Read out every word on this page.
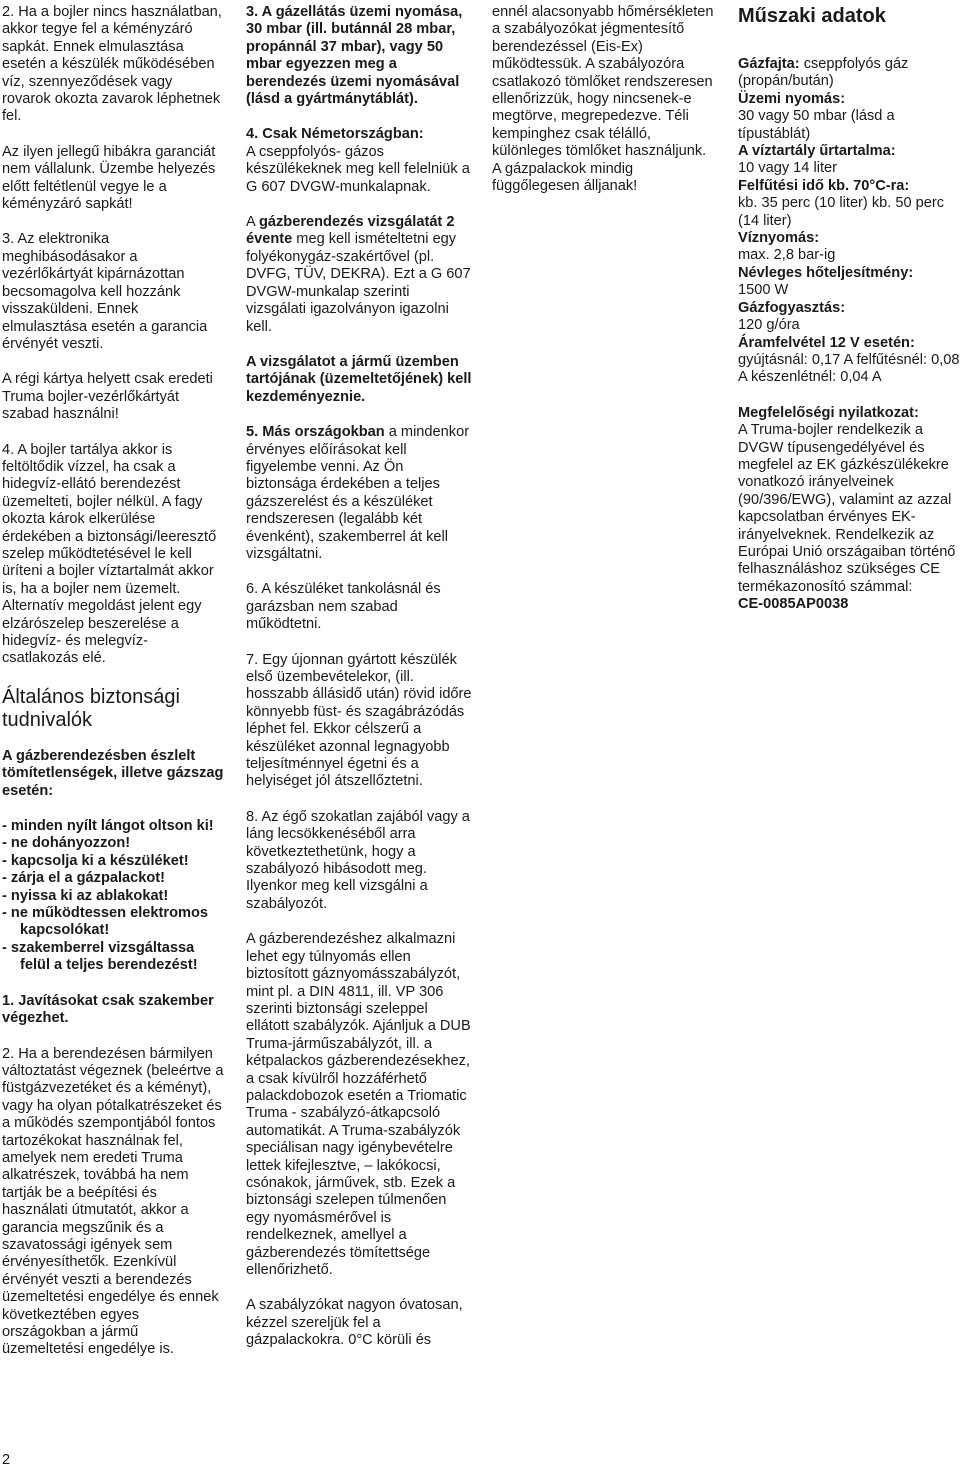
2. Ha a bojler nincs használatban, akkor tegye fel a kéményzáró sapkát. Ennek elmulasztása esetén a készülék működésében víz, szennyeződések vagy rovarok okozta zavarok léphetnek fel.

Az ilyen jellegű hibákra garanciát nem vállalunk. Üzembe helyezés előtt feltétlenül vegye le a kéményzáró sapkát!

3. Az elektronika meghibásodásakor a vezérlőkártyát kipárnázottan becsomagolva kell hozzánk visszaküldeni. Ennek elmulasztása esetén a garancia érvényét veszti.

A régi kártya helyett csak eredeti Truma bojler-vezérlőkártyát szabad használni!

4. A bojler tartálya akkor is feltöltődik vízzel, ha csak a hidegvíz-ellátó berendezést üzemelteti, bojler nélkül. A fagy okozta károk elkerülése érdekében a biztonsági/leeresztő szelep működtetésével le kell üríteni a bojler víztartalmát akkor is, ha a bojler nem üzemelt. Alternatív megoldást jelent egy elzárószelep beszerelése a hidegvíz- és melegvíz-csatlakozás elé.

Általános biztonsági tudnivalók

A gázberendezésben észlelt tömítetlenségek, illetve gázszag esetén:

- minden nyílt lángot oltson ki!
- ne dohányozzon!
- kapcsolja ki a készüléket!
- zárja el a gázpalackot!
- nyissa ki az ablakokat!
- ne működtessen elektromos kapcsolókat!
- szakemberrel vizsgáltassa felül a teljes berendezést!

1. Javításokat csak szakember végezhet.

2. Ha a berendezésen bármilyen változtatást végeznek (beleértve a füstgázvezetéket és a kéményt), vagy ha olyan pótalkatrészeket és a működés szempontjából fontos tartozékokat használnak fel, amelyek nem eredeti Truma alkatrészek, továbbá ha nem tartják be a beépítési és használati útmutatót, akkor a garancia megszűnik és a szavatossági igények sem érvényesíthetők. Ezenkívül érvényét veszti a berendezés üzemeltetési engedélye és ennek következtében egyes országokban a jármű üzemeltetési engedélye is.

3. A gázellátás üzemi nyomása, 30 mbar (ill. butánnál 28 mbar, propánnál 37 mbar), vagy 50 mbar egyezzen meg a berendezés üzemi nyomásával (lásd a gyártmánytáblát).

4. Csak Németországban:
A cseppfolyós- gázos készülékeknek meg kell felelniük a G 607 DVGW-munkalapnak.

A gázberendezés vizsgálatát 2 évente meg kell ismételtetni egy folyékonygáz-szakértővel (pl. DVFG, TÜV, DEKRA). Ezt a G 607 DVGW-munkalap szerinti vizsgálati igazolványon igazolni kell.

A vizsgálatot a jármű üzemben tartójának (üzemeltetőjének) kell kezdeményeznie.

5. Más országokban a mindenkor érvényes előírásokat kell figyelembe venni. Az Ön biztonsága érdekében a teljes gázszerelést és a készüléket rendszeresen (legalább két évenként), szakemberrel át kell vizsgáltatni.

6. A készüléket tankolásnál és garázsban nem szabad működtetni.

7. Egy újonnan gyártott készülék első üzembevételekor, (ill. hosszabb állásidő után) rövid időre könnyebb füst- és szagábrázódás léphet fel. Ekkor célszerű a készüléket azonnal legnagyobb teljesítménnyel égetni és a helyiséget jól átszellőztetni.

8. Az égő szokatlan zajából vagy a láng lecsökkenéséből arra következtethetünk, hogy a szabályozó hibásodott meg. Ilyenkor meg kell vizsgálni a szabályozót.

A gázberendezéshez alkalmazni lehet egy túlnyomás ellen biztosított gáznyomásszabályzót, mint pl. a DIN 4811, ill. VP 306 szerinti biztonsági szeleppel ellátott szabályzók. Ajánljuk a DUB Truma-járműszabályzót, ill. a kétpalackos gázberendezésekhez, a csak kívülről hozzáférhető palackdobozok esetén a Triomatic Truma - szabályzó-átkapcsoló automatikát. A Truma-szabályzók speciálisan nagy igénybevételre lettek kifejlesztve, – lakókocsi, csónakok, járművek, stb. Ezek a biztonsági szelepen túlmenően egy nyomásmérővel is rendelkeznek, amellyel a gázberendezés tömítettsége ellenőrizhető.

A szabályzókat nagyon óvatosan, kézzel szereljük fel a gázpalackokra. 0°C körüli és

ennél alacsonyabb hőmérsékleten a szabályozókat jégmentesítő berendezéssel (Eis-Ex) működtessük. A szabályozóra csatlakozó tömlőket rendszeresen ellenőrizzük, hogy nincsenek-e megtörve, megrepedezve. Téli kempinghez csak télálló, különleges tömlőket használjunk. A gázpalackok mindig függőlegesen álljanak!

Műszaki adatok
Gázfajta: cseppfolyós gáz (propán/bután)
Üzemi nyomás:
30 vagy 50 mbar (lásd a típustáblát)
A víztartály űrtartalma:
10 vagy 14 liter
Felfűtési idő kb. 70°C-ra:
kb. 35 perc (10 liter) kb. 50 perc (14 liter)
Víznyomás:
max. 2,8 bar-ig
Névleges hőteljesítmény:
1500 W
Gázfogyasztás:
120 g/óra
Áramfelvétel 12 V esetén:
gyújtásnál: 0,17 A felfűtésnél: 0,08 A készenlétnél: 0,04 A
Megfelelőségi nyilatkozat:
A Truma-bojler rendelkezik a DVGW típusengedélyével és megfelel az EK gázkészülékekre vonatkozó irányelveinek (90/396/EWG), valamint az azzal kapcsolatban érvényes EK-irányelveknek. Rendelkezik az Európai Unió országaiban történő felhasználáshoz szükséges CE termékazonosító számmal:
CE-0085AP0038
2
